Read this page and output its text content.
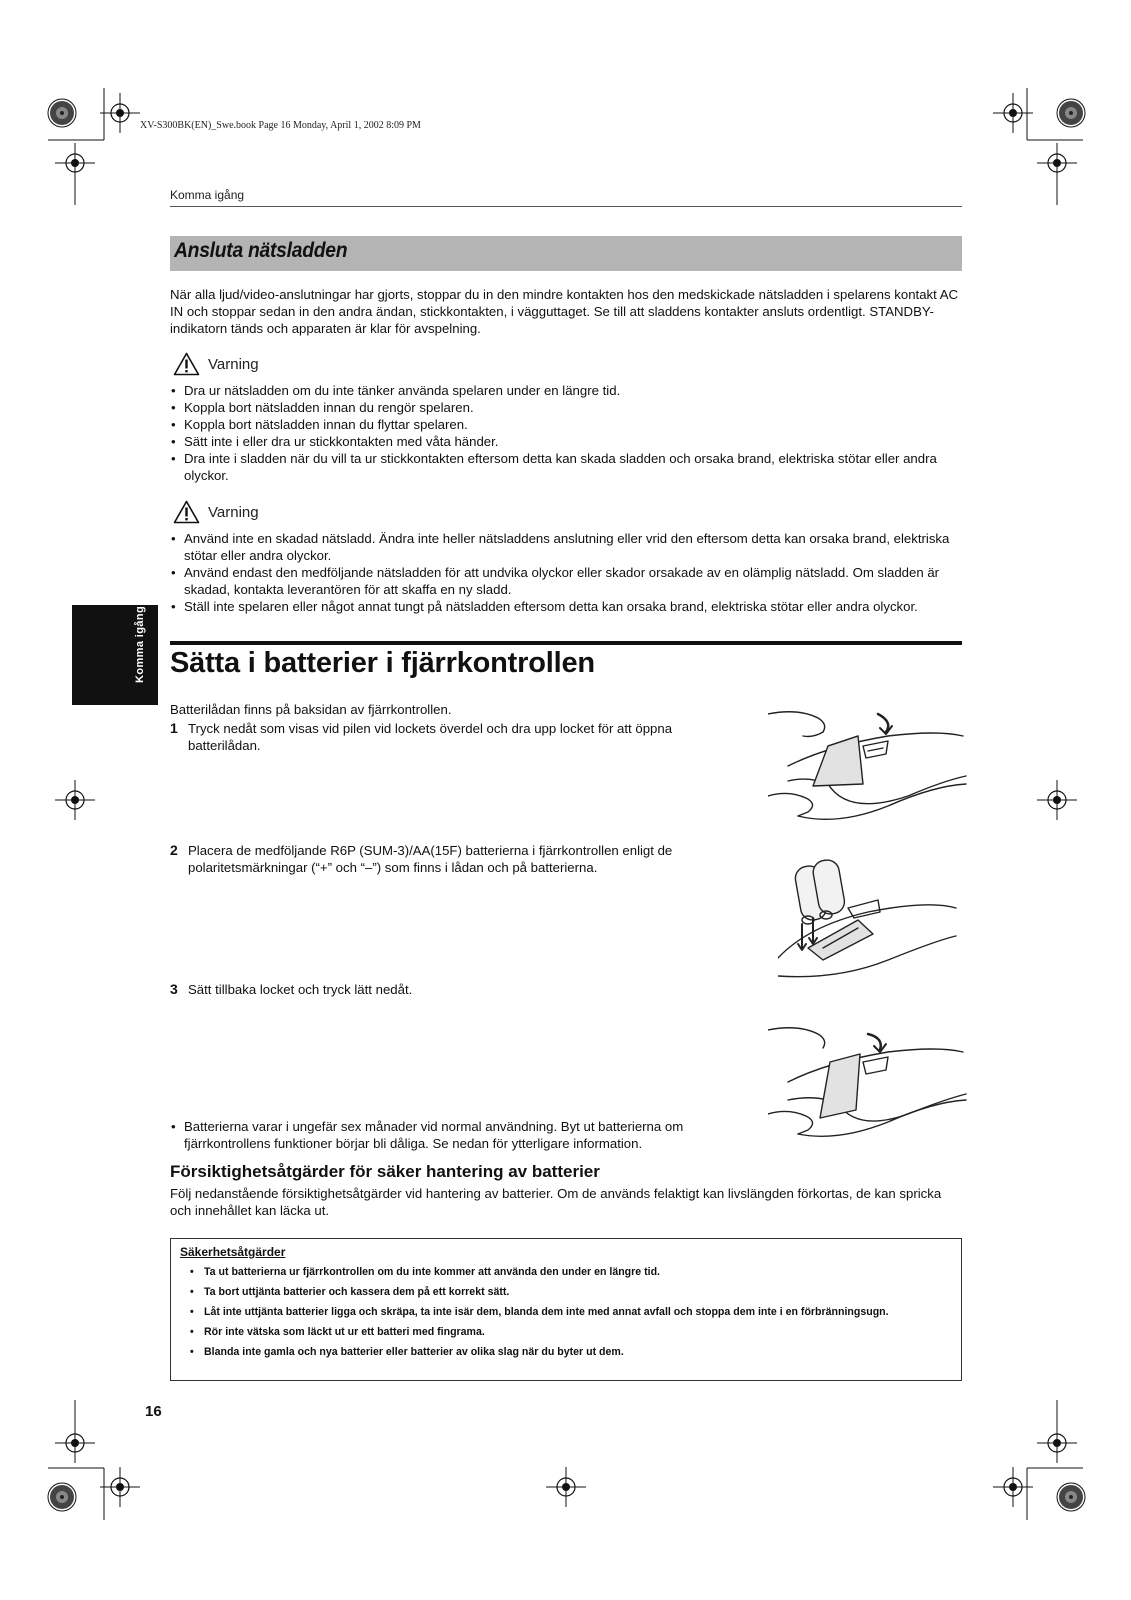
XV-S300BK(EN)_Swe.book Page 16 Monday, April 1, 2002 8:09 PM
Komma igång
Ansluta nätsladden
När alla ljud/video-anslutningar har gjorts, stoppar du in den mindre kontakten hos den medskickade nätsladden i spelarens kontakt AC IN och stoppar sedan in den andra ändan, stickkontakten, i vägguttaget. Se till att sladdens kontakter ansluts ordentligt. STANDBY-indikatorn tänds och apparaten är klar för avspelning.
Varning
• Dra ur nätsladden om du inte tänker använda spelaren under en längre tid.
• Koppla bort nätsladden innan du rengör spelaren.
• Koppla bort nätsladden innan du flyttar spelaren.
• Sätt inte i eller dra ur stickkontakten med våta händer.
• Dra inte i sladden när du vill ta ur stickkontakten eftersom detta kan skada sladden och orsaka brand, elektriska stötar eller andra olyckor.
Varning
• Använd inte en skadad nätsladd. Ändra inte heller nätsladdens anslutning eller vrid den eftersom detta kan orsaka brand, elektriska stötar eller andra olyckor.
• Använd endast den medföljande nätsladden för att undvika olyckor eller skador orsakade av en olämplig nätsladd. Om sladden är skadad, kontakta leverantören för att skaffa en ny sladd.
• Ställ inte spelaren eller något annat tungt på nätsladden eftersom detta kan orsaka brand, elektriska stötar eller andra olyckor.
Komma igång Sätta i batterier i fjärrkontrollen
Batterilådan finns på baksidan av fjärrkontrollen.
1 Tryck nedåt som visas vid pilen vid lockets överdel och dra upp locket för att öppna batterilådan.
2 Placera de medföljande R6P (SUM-3)/AA(15F) batterierna i fjärrkontrollen enligt de polaritetsmärkningar (“+” och “–”) som finns i lådan och på batterierna.
3 Sätt tillbaka locket och tryck lätt nedåt.
• Batterierna varar i ungefär sex månader vid normal användning. Byt ut batterierna om fjärrkontrollens funktioner börjar bli dåliga. Se nedan för ytterligare information.
Försiktighetsåtgärder för säker hantering av batterier
Följ nedanstående försiktighetsåtgärder vid hantering av batterier. Om de används felaktigt kan livslängden förkortas, de kan spricka och innehållet kan läcka ut.
Säkerhetsåtgärder
• Ta ut batterierna ur fjärrkontrollen om du inte kommer att använda den under en längre tid.
• Ta bort uttjänta batterier och kassera dem på ett korrekt sätt.
• Låt inte uttjänta batterier ligga och skräpa, ta inte isär dem, blanda dem inte med annat avfall och stoppa dem inte i en förbränningsugn.
• Rör inte vätska som läckt ut ur ett batteri med fingrama.
• Blanda inte gamla och nya batterier eller batterier av olika slag när du byter ut dem.
16
